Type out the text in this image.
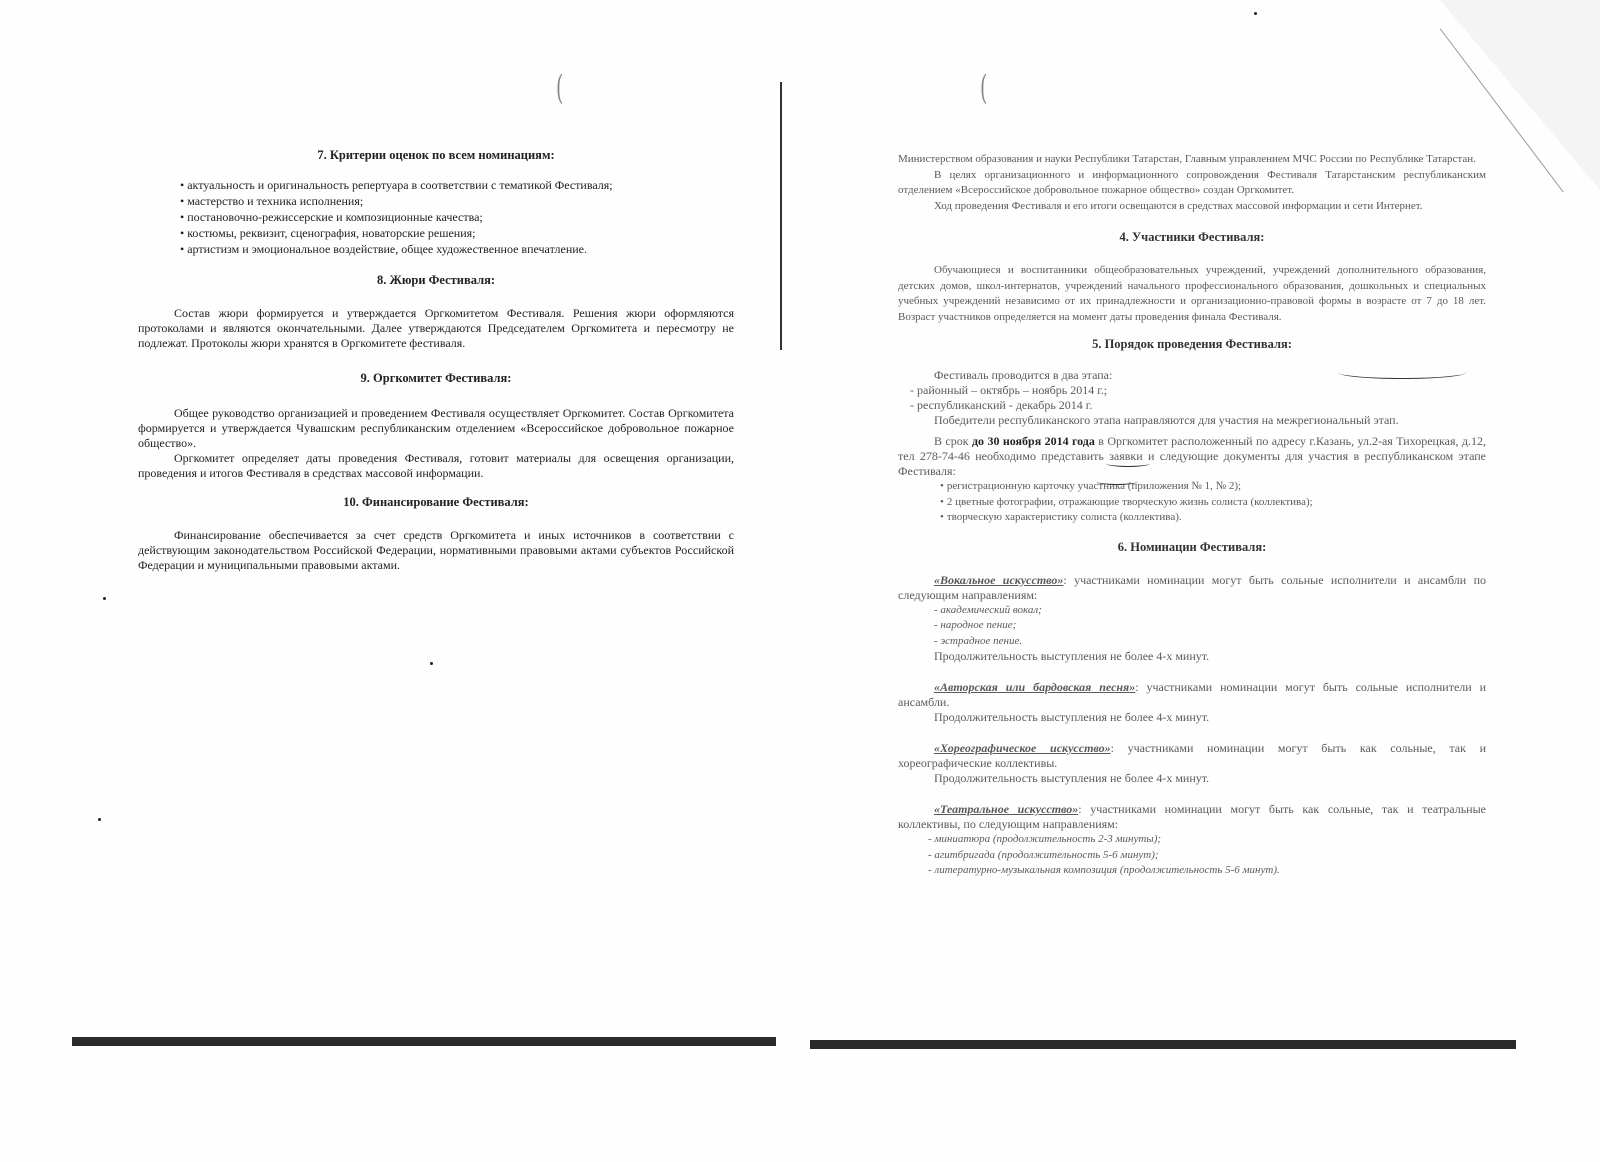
(	(

7. Критерии оценок по всем номинациям:

• актуальность и оригинальность репертуара в соответствии с тематикой Фестиваля;
• мастерство и техника исполнения;
• постановочно-режиссерские и композиционные качества;
• костюмы, реквизит, сценография, новаторские решения;
• артистизм и эмоциональное воздействие, общее художественное впечатление.

8. Жюри Фестиваля:

Состав жюри формируется и утверждается Оргкомитетом Фестиваля. Решения жюри оформляются протоколами и являются окончательными. Далее утверждаются Председателем Оргкомитета и пересмотру не подлежат. Протоколы жюри хранятся в Оргкомитете фестиваля.

9. Оргкомитет Фестиваля:

Общее руководство организацией и проведением Фестиваля осуществляет Оргкомитет. Состав Оргкомитета формируется и утверждается Чувашским республиканским отделением «Всероссийское добровольное пожарное общество».

Оргкомитет определяет даты проведения Фестиваля, готовит материалы для освещения организации, проведения и итогов Фестиваля в средствах массовой информации.

10. Финансирование Фестиваля:

Финансирование обеспечивается за счет средств Оргкомитета и иных источников в соответствии с действующим законодательством Российской Федерации, нормативными правовыми актами субъектов Российской Федерации и муниципальными правовыми актами.

Министерством образования и науки Республики Татарстан, Главным управлением МЧС России по Республике Татарстан.

В целях организационного и информационного сопровождения Фестиваля Татарстанским республиканским отделением «Всероссийское добровольное пожарное общество» создан Оргкомитет.

Ход проведения Фестиваля и его итоги освещаются в средствах массовой информации и сети Интернет.

4. Участники Фестиваля:

Обучающиеся и воспитанники общеобразовательных учреждений, учреждений дополнительного образования, детских домов, школ-интернатов, учреждений начального профессионального образования, дошкольных и специальных учебных учреждений независимо от их принадлежности и организационно-правовой формы в возрасте от 7 до 18 лет. Возраст участников определяется на момент даты проведения финала Фестиваля.

5. Порядок проведения Фестиваля:

Фестиваль проводится в два этапа:

- районный – октябрь – ноябрь 2014 г.;

- республиканский - декабрь 2014 г.

Победители республиканского этапа направляются для участия на межрегиональный этап.

В срок до 30 ноября 2014 года в Оргкомитет расположенный по адресу г.Казань, ул.2-ая Тихорецкая, д.12, тел 278-74-46 необходимо представить заявки и следующие документы для участия в республиканском этапе Фестиваля:

• регистрационную карточку участника (приложения № 1, № 2);
• 2 цветные фотографии, отражающие творческую жизнь солиста (коллектива);
• творческую характеристику солиста (коллектива).

6. Номинации Фестиваля:

«Вокальное искусство»: участниками номинации могут быть сольные исполнители и ансамбли по следующим направлениям:

- академический вокал;
- народное пение;
- эстрадное пение.

Продолжительность выступления не более 4-х минут.

«Авторская или бардовская песня»: участниками номинации могут быть сольные исполнители и ансамбли.

Продолжительность выступления не более 4-х минут.

«Хореографическое искусство»: участниками номинации могут быть как сольные, так и хореографические коллективы.

Продолжительность выступления не более 4-х минут.

«Театральное искусство»: участниками номинации могут быть как сольные, так и театральные коллективы, по следующим направлениям:

- миниатюра (продолжительность 2-3 минуты);
- агитбригада (продолжительность 5-6 минут);
- литературно-музыкальная композиция (продолжительность 5-6 минут).
